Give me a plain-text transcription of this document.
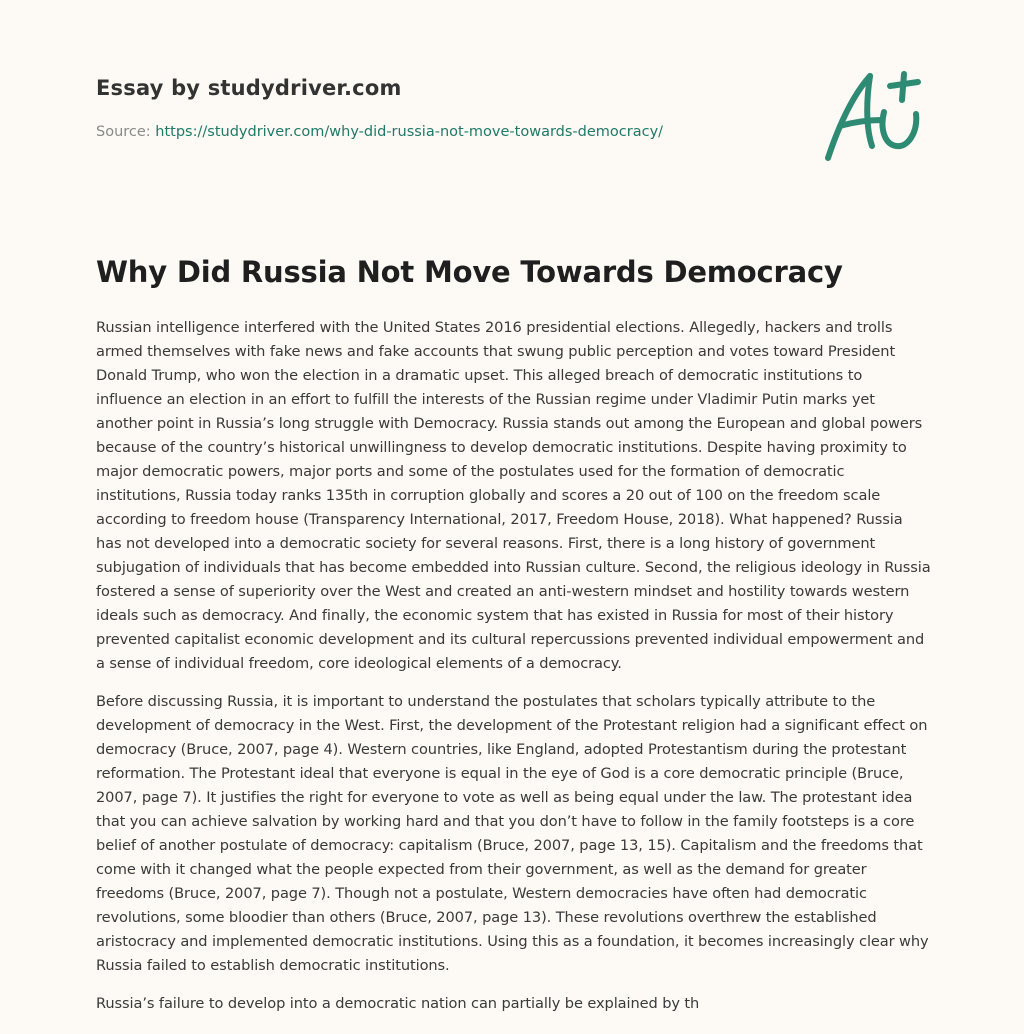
Essay by studydriver.com
Source: https://studydriver.com/why-did-russia-not-move-towards-democracy/
Why Did Russia Not Move Towards Democracy

Russian intelligence interfered with the United States 2016 presidential elections. Allegedly, hackers and trolls armed themselves with fake news and fake accounts that swung public perception and votes toward President Donald Trump, who won the election in a dramatic upset. This alleged breach of democratic institutions to influence an election in an effort to fulfill the interests of the Russian regime under Vladimir Putin marks yet another point in Russia’s long struggle with Democracy. Russia stands out among the European and global powers because of the country’s historical unwillingness to develop democratic institutions. Despite having proximity to major democratic powers, major ports and some of the postulates used for the formation of democratic institutions, Russia today ranks 135th in corruption globally and scores a 20 out of 100 on the freedom scale according to freedom house (Transparency International, 2017, Freedom House, 2018). What happened? Russia has not developed into a democratic society for several reasons. First, there is a long history of government subjugation of individuals that has become embedded into Russian culture. Second, the religious ideology in Russia fostered a sense of superiority over the West and created an anti-western mindset and hostility towards western ideals such as democracy. And finally, the economic system that has existed in Russia for most of their history prevented capitalist economic development and its cultural repercussions prevented individual empowerment and a sense of individual freedom, core ideological elements of a democracy.

Before discussing Russia, it is important to understand the postulates that scholars typically attribute to the development of democracy in the West. First, the development of the Protestant religion had a significant effect on democracy (Bruce, 2007, page 4). Western countries, like England, adopted Protestantism during the protestant reformation. The Protestant ideal that everyone is equal in the eye of God is a core democratic principle (Bruce, 2007, page 7). It justifies the right for everyone to vote as well as being equal under the law. The protestant idea that you can achieve salvation by working hard and that you don’t have to follow in the family footsteps is a core belief of another postulate of democracy: capitalism (Bruce, 2007, page 13, 15). Capitalism and the freedoms that come with it changed what the people expected from their government, as well as the demand for greater freedoms (Bruce, 2007, page 7). Though not a postulate, Western democracies have often had democratic revolutions, some bloodier than others (Bruce, 2007, page 13). These revolutions overthrew the established aristocracy and implemented democratic institutions. Using this as a foundation, it becomes increasingly clear why Russia failed to establish democratic institutions.

Russia’s failure to develop into a democratic nation can partially be explained by th
